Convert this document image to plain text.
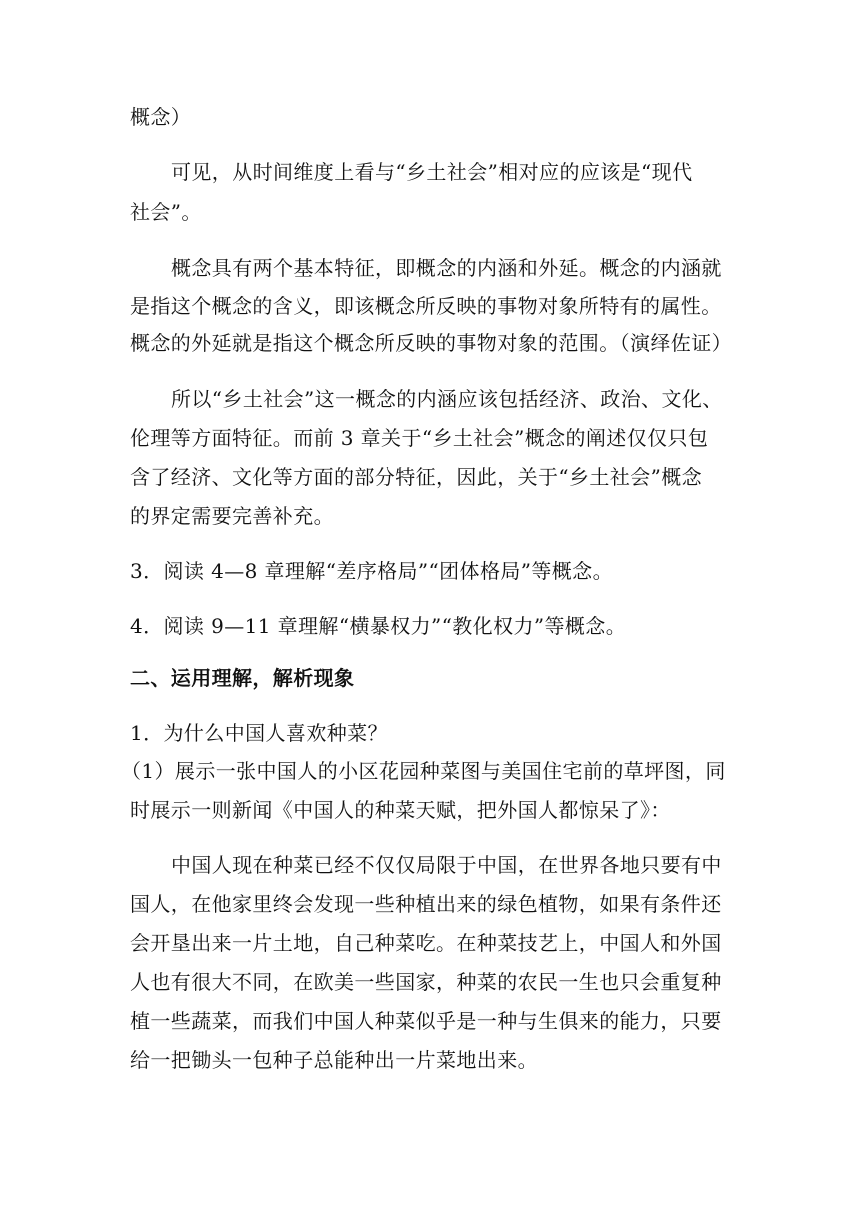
概念）
可见，从时间维度上看与“乡土社会”相对应的应该是“现代
社会”。
概念具有两个基本特征，即概念的内涵和外延。概念的内涵就
是指这个概念的含义，即该概念所反映的事物对象所特有的属性。
概念的外延就是指这个概念所反映的事物对象的范围。（演绎佐证）
所以“乡土社会”这一概念的内涵应该包括经济、政治、文化、
伦理等方面特征。而前 3 章关于“乡土社会”概念的阐述仅仅只包
含了经济、文化等方面的部分特征，因此，关于“乡土社会”概念
的界定需要完善补充。
3．阅读 4—8 章理解“差序格局”“团体格局”等概念。
4．阅读 9—11 章理解“横暴权力”“教化权力”等概念。
二、运用理解，解析现象
1．为什么中国人喜欢种菜？
（1）展示一张中国人的小区花园种菜图与美国住宅前的草坪图，同
时展示一则新闻《中国人的种菜天赋，把外国人都惊呆了》：
中国人现在种菜已经不仅仅局限于中国，在世界各地只要有中
国人，在他家里终会发现一些种植出来的绿色植物，如果有条件还
会开垦出来一片土地，自己种菜吃。在种菜技艺上，中国人和外国
人也有很大不同，在欧美一些国家，种菜的农民一生也只会重复种
植一些蔬菜，而我们中国人种菜似乎是一种与生俱来的能力，只要
给一把锄头一包种子总能种出一片菜地出来。
